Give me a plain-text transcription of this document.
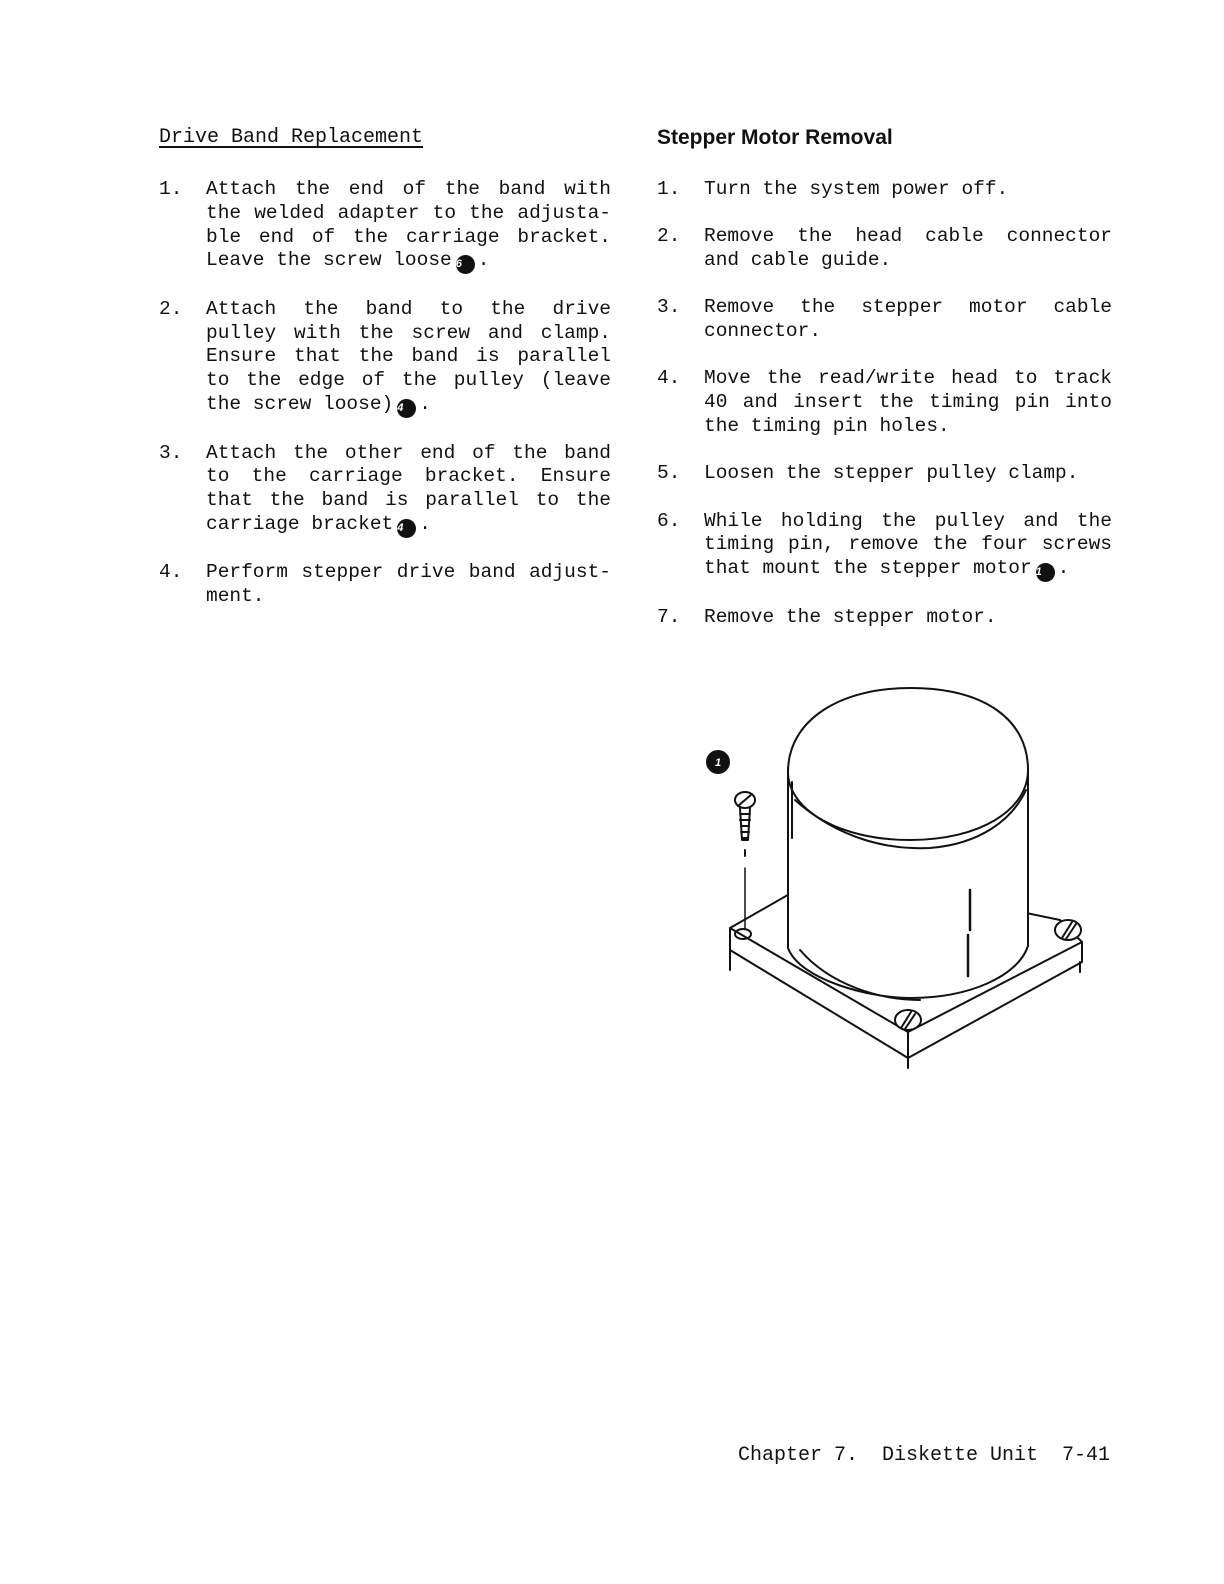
Drive Band Replacement
1.	Attach the end of the band with the welded adapter to the adjusta- ble end of the carriage bracket. Leave the screw loose 6 .
2.	Attach the band to the drive pulley with the screw and clamp. Ensure that the band is parallel to the edge of the pulley (leave the screw loose) 4 .
3.	Attach the other end of the band to the carriage bracket. Ensure that the band is parallel to the carriage bracket 4 .
4.	Perform stepper drive band adjust- ment.
Stepper Motor Removal
1.	Turn the system power off.
2.	Remove the head cable connector and cable guide.
3.	Remove the stepper motor cable connector.
4.	Move the read/write head to track 40 and insert the timing pin into the timing pin holes.
5.	Loosen the stepper pulley clamp.
6.	While holding the pulley and the timing pin, remove the four screws that mount the stepper motor 1 .
7.	Remove the stepper motor.
1
Chapter 7.  Diskette Unit  7-41
